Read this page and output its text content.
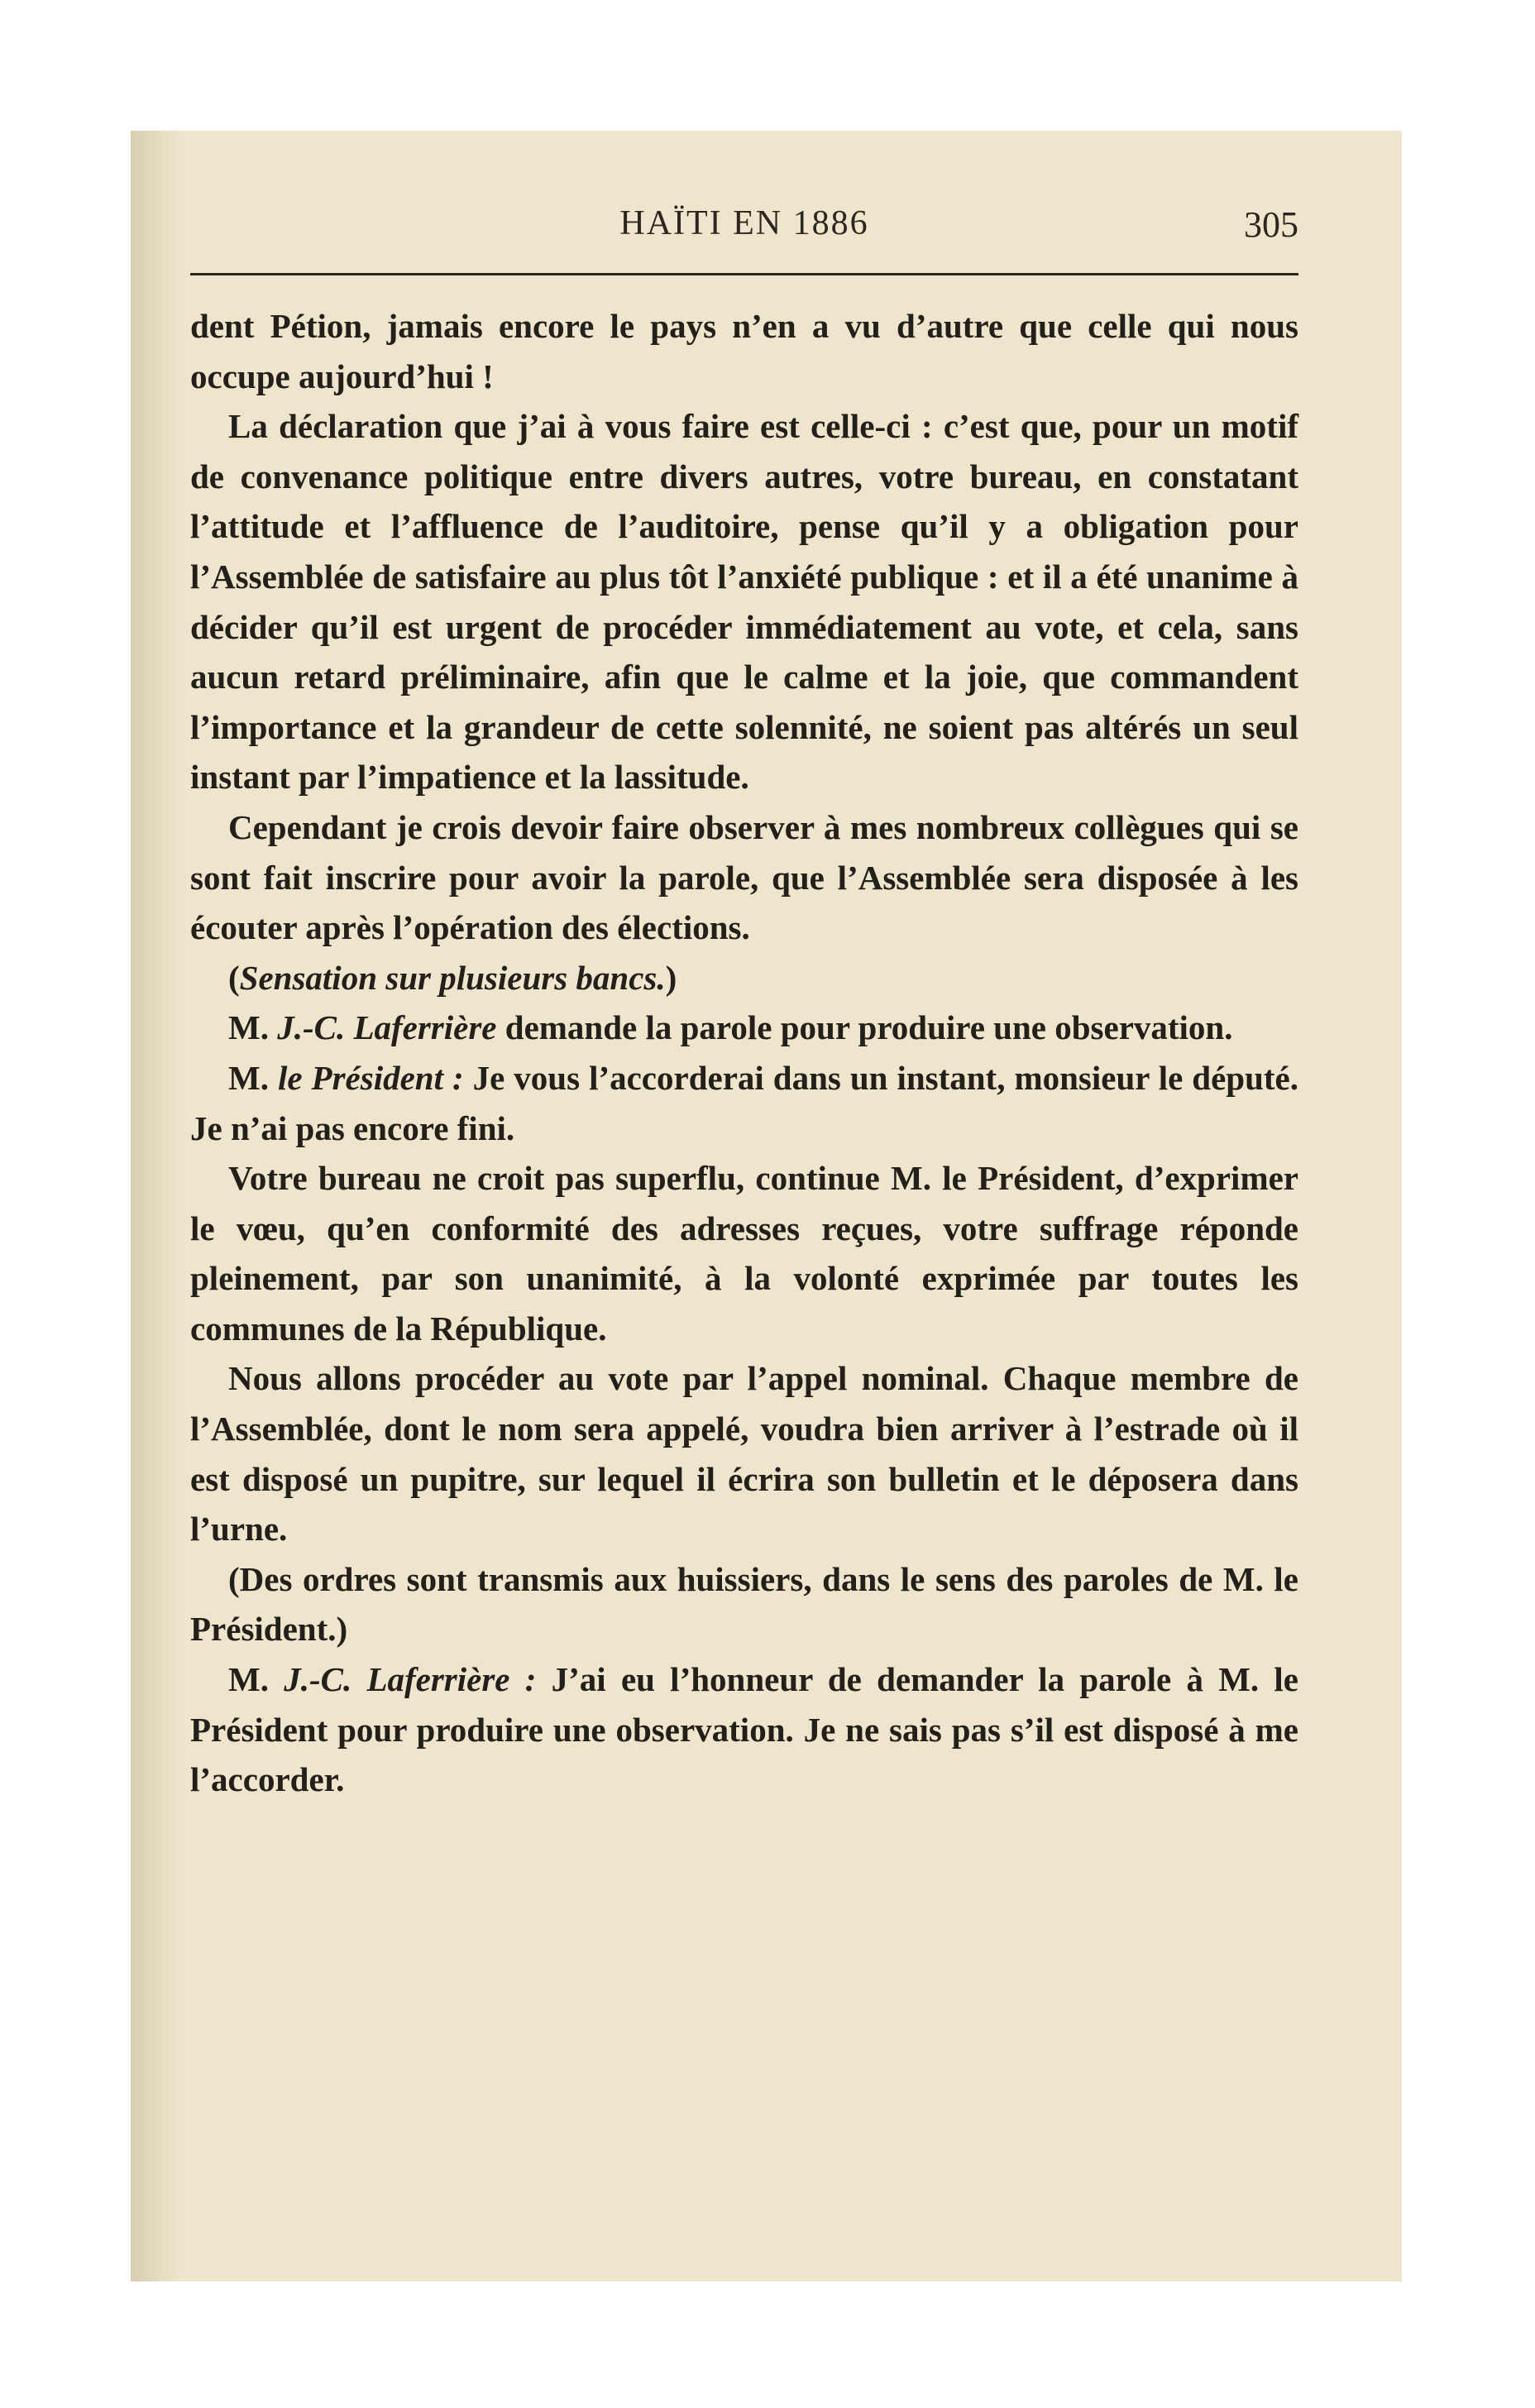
HAÏTI EN 1886	305

dent Pétion, jamais encore le pays n’en a vu d’autre que celle qui nous occupe aujourd’hui !

La déclaration que j’ai à vous faire est celle-ci : c’est que, pour un motif de convenance politique entre divers autres, votre bureau, en constatant l’attitude et l’affluence de l’auditoire, pense qu’il y a obligation pour l’Assemblée de satisfaire au plus tôt l’anxiété publique : et il a été unanime à décider qu’il est urgent de procéder immédiatement au vote, et cela, sans aucun retard préliminaire, afin que le calme et la joie, que commandent l’importance et la grandeur de cette solennité, ne soient pas altérés un seul instant par l’impatience et la lassitude.

Cependant je crois devoir faire observer à mes nombreux collègues qui se sont fait inscrire pour avoir la parole, que l’Assemblée sera disposée à les écouter après l’opération des élections.

(Sensation sur plusieurs bancs.)

M. J.-C. Laferrière demande la parole pour produire une observation.

M. le Président : Je vous l’accorderai dans un instant, monsieur le député. Je n’ai pas encore fini.

Votre bureau ne croit pas superflu, continue M. le Président, d’exprimer le vœu, qu’en conformité des adresses reçues, votre suffrage réponde pleinement, par son unanimité, à la volonté exprimée par toutes les communes de la République.

Nous allons procéder au vote par l’appel nominal. Chaque membre de l’Assemblée, dont le nom sera appelé, voudra bien arriver à l’estrade où il est disposé un pupitre, sur lequel il écrira son bulletin et le déposera dans l’urne.

(Des ordres sont transmis aux huissiers, dans le sens des paroles de M. le Président.)

M. J.-C. Laferrière : J’ai eu l’honneur de demander la parole à M. le Président pour produire une observation. Je ne sais pas s’il est disposé à me l’accorder.
